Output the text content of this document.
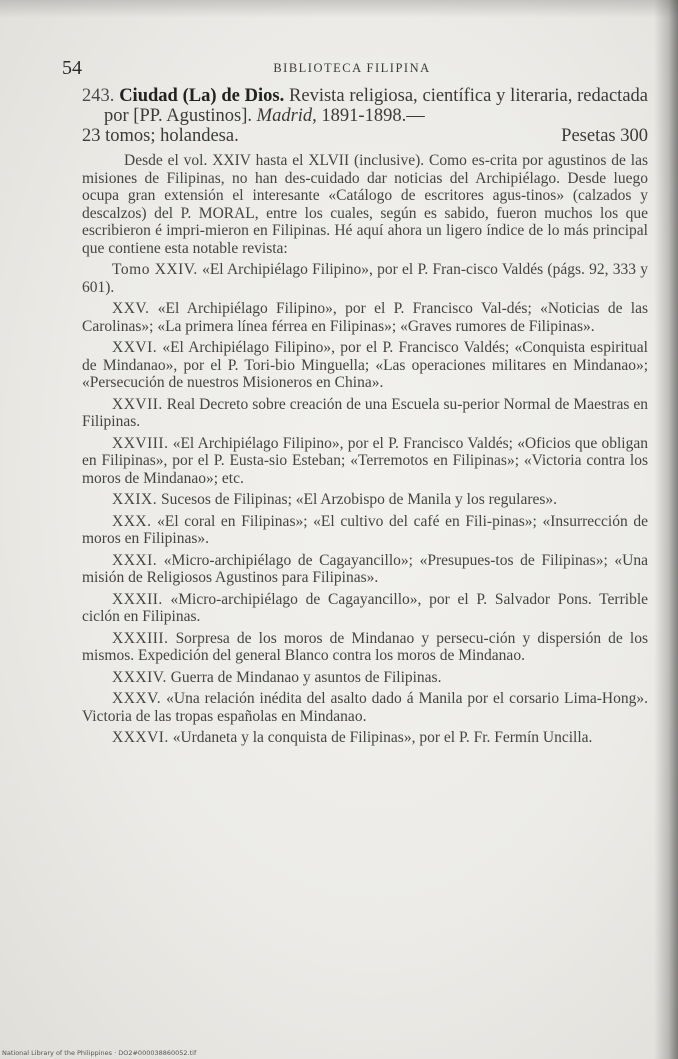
54	BIBLIOTECA FILIPINA

243. Ciudad (La) de Dios. Revista religiosa, científica y literaria, redactada por [PP. Agustinos]. Madrid, 1891-1898.—

23 tomos; holandesa.	Pesetas 300

Desde el vol. XXIV hasta el XLVII (inclusive). Como es-crita por agustinos de las misiones de Filipinas, no han des-cuidado dar noticias del Archipiélago. Desde luego ocupa gran extensión el interesante «Catálogo de escritores agus-tinos» (calzados y descalzos) del P. MORAL, entre los cuales, según es sabido, fueron muchos los que escribieron é impri-mieron en Filipinas. Hé aquí ahora un ligero índice de lo más principal que contiene esta notable revista:

Tomo XXIV. «El Archipiélago Filipino», por el P. Fran-cisco Valdés (págs. 92, 333 y 601).

XXV. «El Archipiélago Filipino», por el P. Francisco Val-dés; «Noticias de las Carolinas»; «La primera línea férrea en Filipinas»; «Graves rumores de Filipinas».

XXVI. «El Archipiélago Filipino», por el P. Francisco Valdés; «Conquista espiritual de Mindanao», por el P. Tori-bio Minguella; «Las operaciones militares en Mindanao»; «Persecución de nuestros Misioneros en China».

XXVII. Real Decreto sobre creación de una Escuela su-perior Normal de Maestras en Filipinas.

XXVIII. «El Archipiélago Filipino», por el P. Francisco Valdés; «Oficios que obligan en Filipinas», por el P. Eusta-sio Esteban; «Terremotos en Filipinas»; «Victoria contra los moros de Mindanao»; etc.

XXIX. Sucesos de Filipinas; «El Arzobispo de Manila y los regulares».

XXX. «El coral en Filipinas»; «El cultivo del café en Fili-pinas»; «Insurrección de moros en Filipinas».

XXXI. «Micro-archipiélago de Cagayancillo»; «Presupues-tos de Filipinas»; «Una misión de Religiosos Agustinos para Filipinas».

XXXII. «Micro-archipiélago de Cagayancillo», por el P. Salvador Pons. Terrible ciclón en Filipinas.

XXXIII. Sorpresa de los moros de Mindanao y persecu-ción y dispersión de los mismos. Expedición del general Blanco contra los moros de Mindanao.

XXXIV. Guerra de Mindanao y asuntos de Filipinas.

XXXV. «Una relación inédita del asalto dado á Manila por el corsario Lima-Hong». Victoria de las tropas españolas en Mindanao.

XXXVI. «Urdaneta y la conquista de Filipinas», por el P. Fr. Fermín Uncilla.

National Library of the Philippines · DO2#000038860052.tif
